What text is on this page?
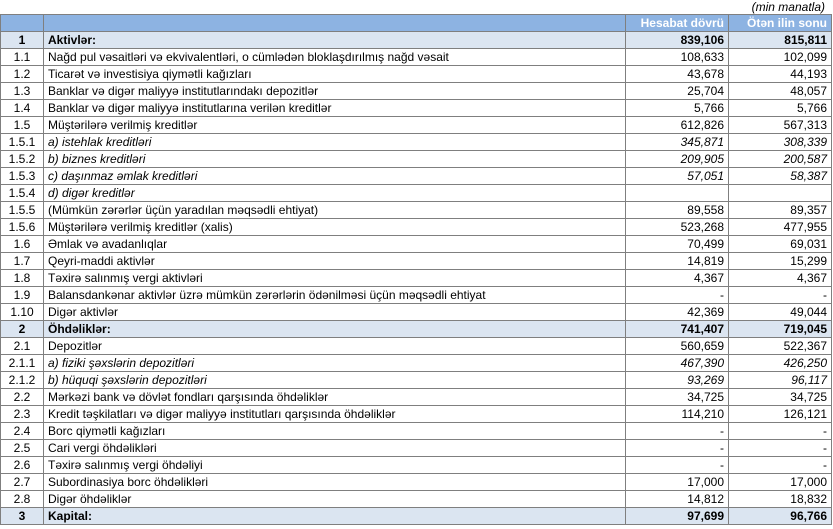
(min manatla)
		Hesabat dövrü	Ötən ilin sonu
1	Aktivlər:	839,106	815,811
1.1	Nağd pul vəsaitləri və ekvivalentləri, o cümlədən bloklaşdırılmış nağd vəsait	108,633	102,099
1.2	Ticarət və investisiya qiymətli kağızları	43,678	44,193
1.3	Banklar və digər maliyyə institutlarındakı depozitlər	25,704	48,057
1.4	Banklar və digər maliyyə institutlarına verilən kreditlər	5,766	5,766
1.5	Müştərilərə verilmiş kreditlər	612,826	567,313
1.5.1	a) istehlak kreditləri	345,871	308,339
1.5.2	b) biznes kreditləri	209,905	200,587
1.5.3	c) daşınmaz əmlak kreditləri	57,051	58,387
1.5.4	d) digər kreditlər		
1.5.5	(Mümkün zərərlər üçün yaradılan məqsədli ehtiyat)	89,558	89,357
1.5.6	Müştərilərə verilmiş kreditlər (xalis)	523,268	477,955
1.6	Əmlak və avadanlıqlar	70,499	69,031
1.7	Qeyri-maddi aktivlər	14,819	15,299
1.8	Təxirə salınmış vergi aktivləri	4,367	4,367
1.9	Balansdankənar aktivlər üzrə mümkün zərərlərin ödənilməsi üçün məqsədli ehtiyat	-	-
1.10	Digər aktivlər	42,369	49,044
2	Öhdəliklər:	741,407	719,045
2.1	Depozitlər	560,659	522,367
2.1.1	a) fiziki şəxslərin depozitləri	467,390	426,250
2.1.2	b) hüquqi şəxslərin depozitləri	93,269	96,117
2.2	Mərkəzi bank və dövlət fondları qarşısında öhdəliklər	34,725	34,725
2.3	Kredit təşkilatları və digər maliyyə institutları qarşısında öhdəliklər	114,210	126,121
2.4	Borc qiymətli kağızları	-	-
2.5	Cari vergi öhdəlikləri	-	-
2.6	Təxirə salınmış vergi öhdəliyi	-	-
2.7	Subordinasiya borc öhdəlikləri	17,000	17,000
2.8	Digər öhdəliklər	14,812	18,832
3	Kapital:	97,699	96,766
